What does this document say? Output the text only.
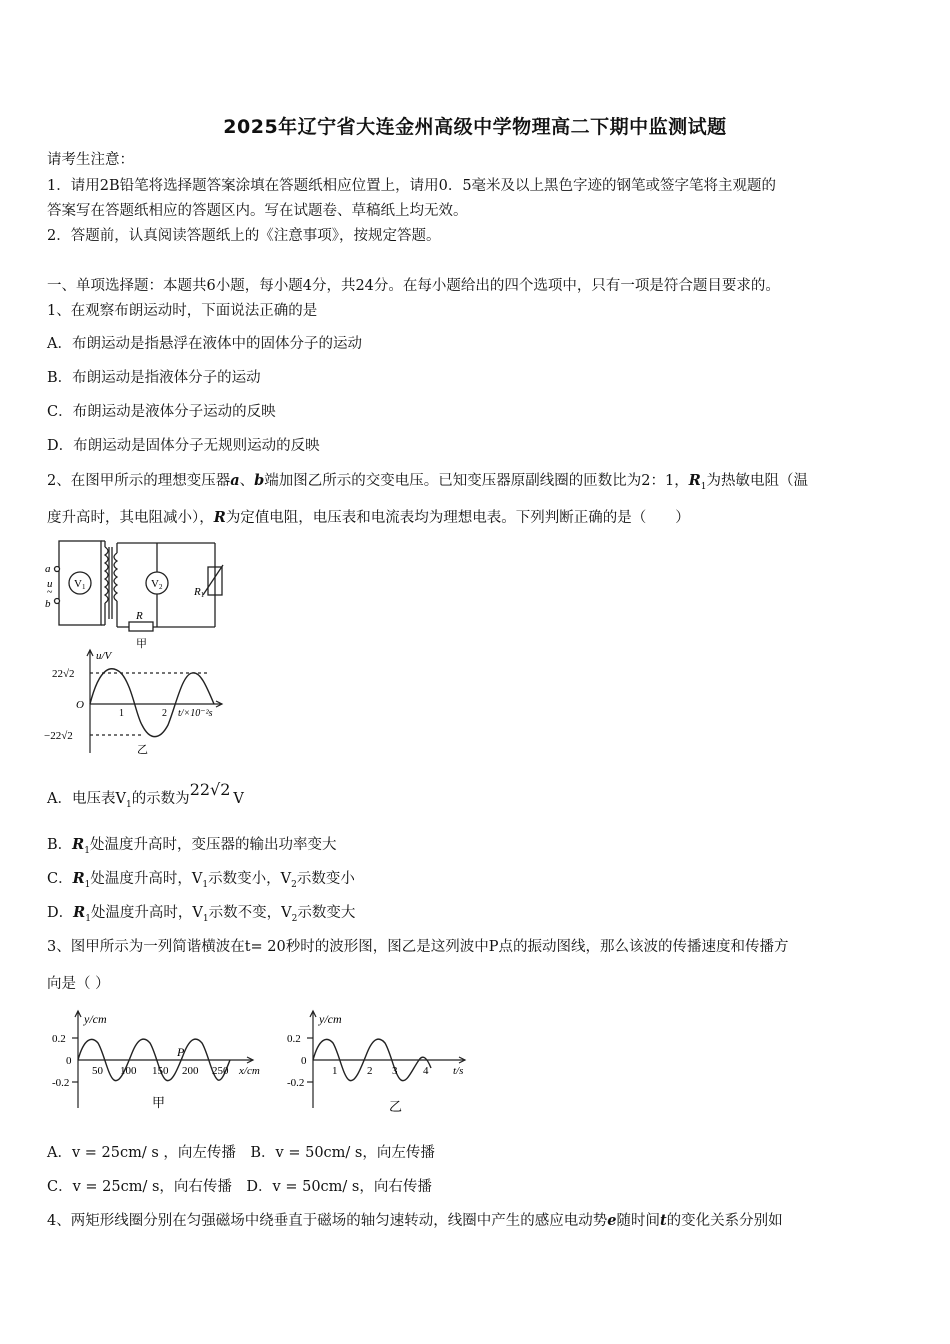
2025年辽宁省大连金州高级中学物理高二下期中监测试题
请考生注意：
1．请用2B铅笔将选择题答案涂填在答题纸相应位置上，请用0．5毫米及以上黑色字迹的钢笔或签字笔将主观题的
答案写在答题纸相应的答题区内。写在试题卷、草稿纸上均无效。
2．答题前，认真阅读答题纸上的《注意事项》，按规定答题。
一、单项选择题：本题共6小题，每小题4分，共24分。在每小题给出的四个选项中，只有一项是符合题目要求的。
1、在观察布朗运动时，下面说法正确的是
A．布朗运动是指悬浮在液体中的固体分子的运动
B．布朗运动是指液体分子的运动
C．布朗运动是液体分子运动的反映
D．布朗运动是固体分子无规则运动的反映
2、在图甲所示的理想变压器a、b端加图乙所示的交变电压。已知变压器原副线圈的匝数比为2：1，$R_1$为热敏电阻（温
度升高时，其电阻减小），R为定值电阻，电压表和电流表均为理想电表。下列判断正确的是（　　）
a
u
~
b
V1	V2	R1
R
甲
u/V
22√2
−22√2
O
1	2 t/×10⁻²s
乙
A．电压表$V_1$的示数为22√2 V
B．$R_1$处温度升高时，变压器的输出功率变大
C．$R_1$处温度升高时，$V_1$示数变小，$V_2$示数变小
D．$R_1$处温度升高时，$V_1$示数不变，$V_2$示数变大
3、图甲所示为一列简谐横波在t= 20秒时的波形图，图乙是这列波中P点的振动图线，那么该波的传播速度和传播方
向是（ ）
y/cm
0.2
0
-0.2
50 100 150 200 250 x/cm
P
甲
y/cm
0.2
0
-0.2
1	2 3 4 t/s
乙
A．v = 25cm/ s ，向左传播　B．v = 50cm/ s，向左传播
C．v = 25cm/ s，向右传播　D．v = 50cm/ s，向右传播
4、两矩形线圈分别在匀强磁场中绕垂直于磁场的轴匀速转动，线圈中产生的感应电动势e随时间t的变化关系分别如
